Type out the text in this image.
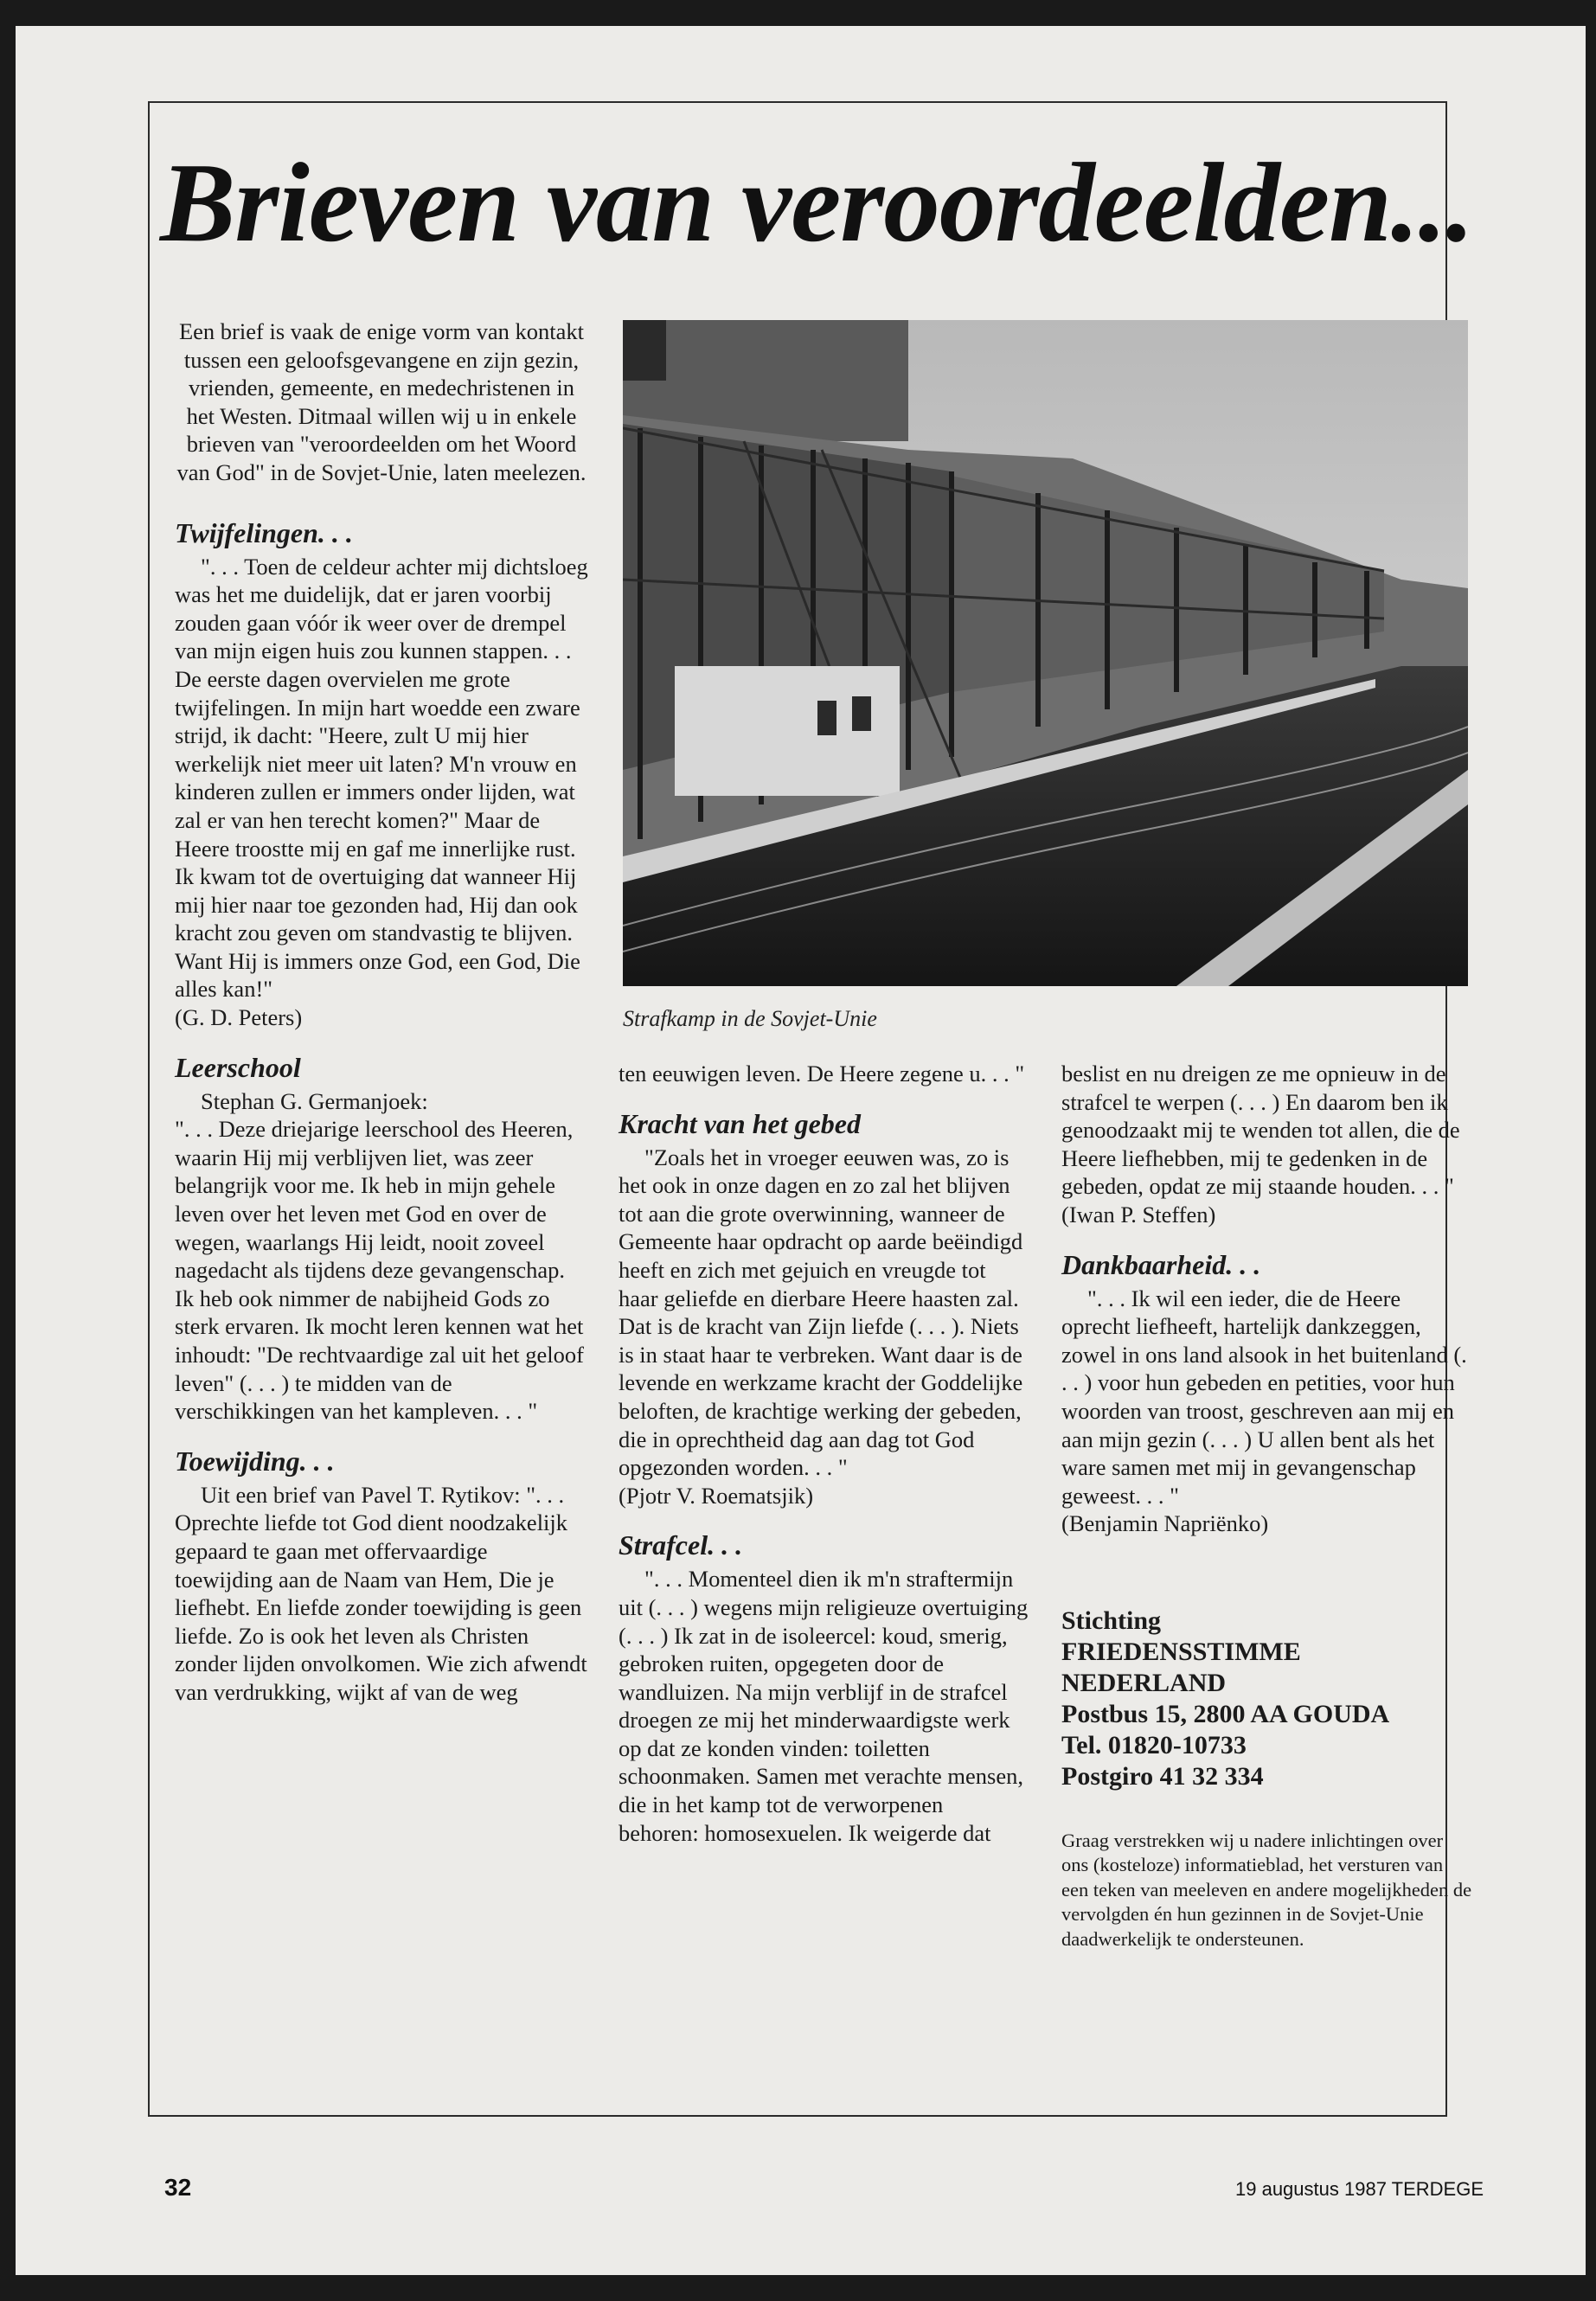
Brieven van veroordeelden...

Een brief is vaak de enige vorm van kontakt tussen een geloofsgevangene en zijn gezin, vrienden, gemeente, en medechristenen in het Westen. Ditmaal willen wij u in enkele brieven van "veroordeelden om het Woord van God" in de Sovjet-Unie, laten meelezen.

Twijfelingen. . .

". . . Toen de celdeur achter mij dichtsloeg was het me duidelijk, dat er jaren voorbij zouden gaan vóór ik weer over de drempel van mijn eigen huis zou kunnen stappen. . . De eerste dagen overvielen me grote twijfelingen. In mijn hart woedde een zware strijd, ik dacht: "Heere, zult U mij hier werkelijk niet meer uit laten? M'n vrouw en kinderen zullen er immers onder lijden, wat zal er van hen terecht komen?" Maar de Heere troostte mij en gaf me innerlijke rust. Ik kwam tot de overtuiging dat wanneer Hij mij hier naar toe gezonden had, Hij dan ook kracht zou geven om standvastig te blijven. Want Hij is immers onze God, een God, Die alles kan!"

(G. D. Peters)

Leerschool

Stephan G. Germanjoek:

". . . Deze driejarige leerschool des Heeren, waarin Hij mij verblijven liet, was zeer belangrijk voor me. Ik heb in mijn gehele leven over het leven met God en over de wegen, waarlangs Hij leidt, nooit zoveel nagedacht als tijdens deze gevangenschap. Ik heb ook nimmer de nabijheid Gods zo sterk ervaren. Ik mocht leren kennen wat het inhoudt: "De rechtvaardige zal uit het geloof leven" (. . . ) te midden van de verschikkingen van het kampleven. . . "

Toewijding. . .

Uit een brief van Pavel T. Rytikov: ". . . Oprechte liefde tot God dient noodzakelijk gepaard te gaan met offervaardige toewijding aan de Naam van Hem, Die je liefhebt. En liefde zonder toewijding is geen liefde. Zo is ook het leven als Christen zonder lijden onvolkomen. Wie zich afwendt van verdrukking, wijkt af van de weg

Strafkamp in de Sovjet-Unie

ten eeuwigen leven. De Heere zegene u. . . "

Kracht van het gebed

"Zoals het in vroeger eeuwen was, zo is het ook in onze dagen en zo zal het blijven tot aan die grote overwinning, wanneer de Gemeente haar opdracht op aarde beëindigd heeft en zich met gejuich en vreugde tot haar geliefde en dierbare Heere haasten zal. Dat is de kracht van Zijn liefde (. . . ). Niets is in staat haar te verbreken. Want daar is de levende en werkzame kracht der Goddelijke beloften, de krachtige werking der gebeden, die in oprechtheid dag aan dag tot God opgezonden worden. . . "

(Pjotr V. Roematsjik)

Strafcel. . .

". . . Momenteel dien ik m'n straftermijn uit (. . . ) wegens mijn religieuze overtuiging (. . . ) Ik zat in de isoleercel: koud, smerig, gebroken ruiten, opgegeten door de wandluizen. Na mijn verblijf in de strafcel droegen ze mij het minderwaardigste werk op dat ze konden vinden: toiletten schoonmaken. Samen met verachte mensen, die in het kamp tot de verworpenen behoren: homosexuelen. Ik weigerde dat

beslist en nu dreigen ze me opnieuw in de strafcel te werpen (. . . ) En daarom ben ik genoodzaakt mij te wenden tot allen, die de Heere liefhebben, mij te gedenken in de gebeden, opdat ze mij staande houden. . . "

(Iwan P. Steffen)

Dankbaarheid. . .

". . . Ik wil een ieder, die de Heere oprecht liefheeft, hartelijk dankzeggen, zowel in ons land alsook in het buitenland (. . . ) voor hun gebeden en petities, voor hun woorden van troost, geschreven aan mij en aan mijn gezin (. . . ) U allen bent als het ware samen met mij in gevangenschap geweest. . . "

(Benjamin Napriënko)

Stichting
FRIEDENSSTIMME
NEDERLAND
Postbus 15, 2800 AA GOUDA
Tel. 01820-10733
Postgiro 41 32 334

Graag verstrekken wij u nadere inlichtingen over ons (kosteloze) informatieblad, het versturen van een teken van meeleven en andere mogelijkheden de vervolgden én hun gezinnen in de Sovjet-Unie daadwerkelijk te ondersteunen.

32	19 augustus 1987 TERDEGE
